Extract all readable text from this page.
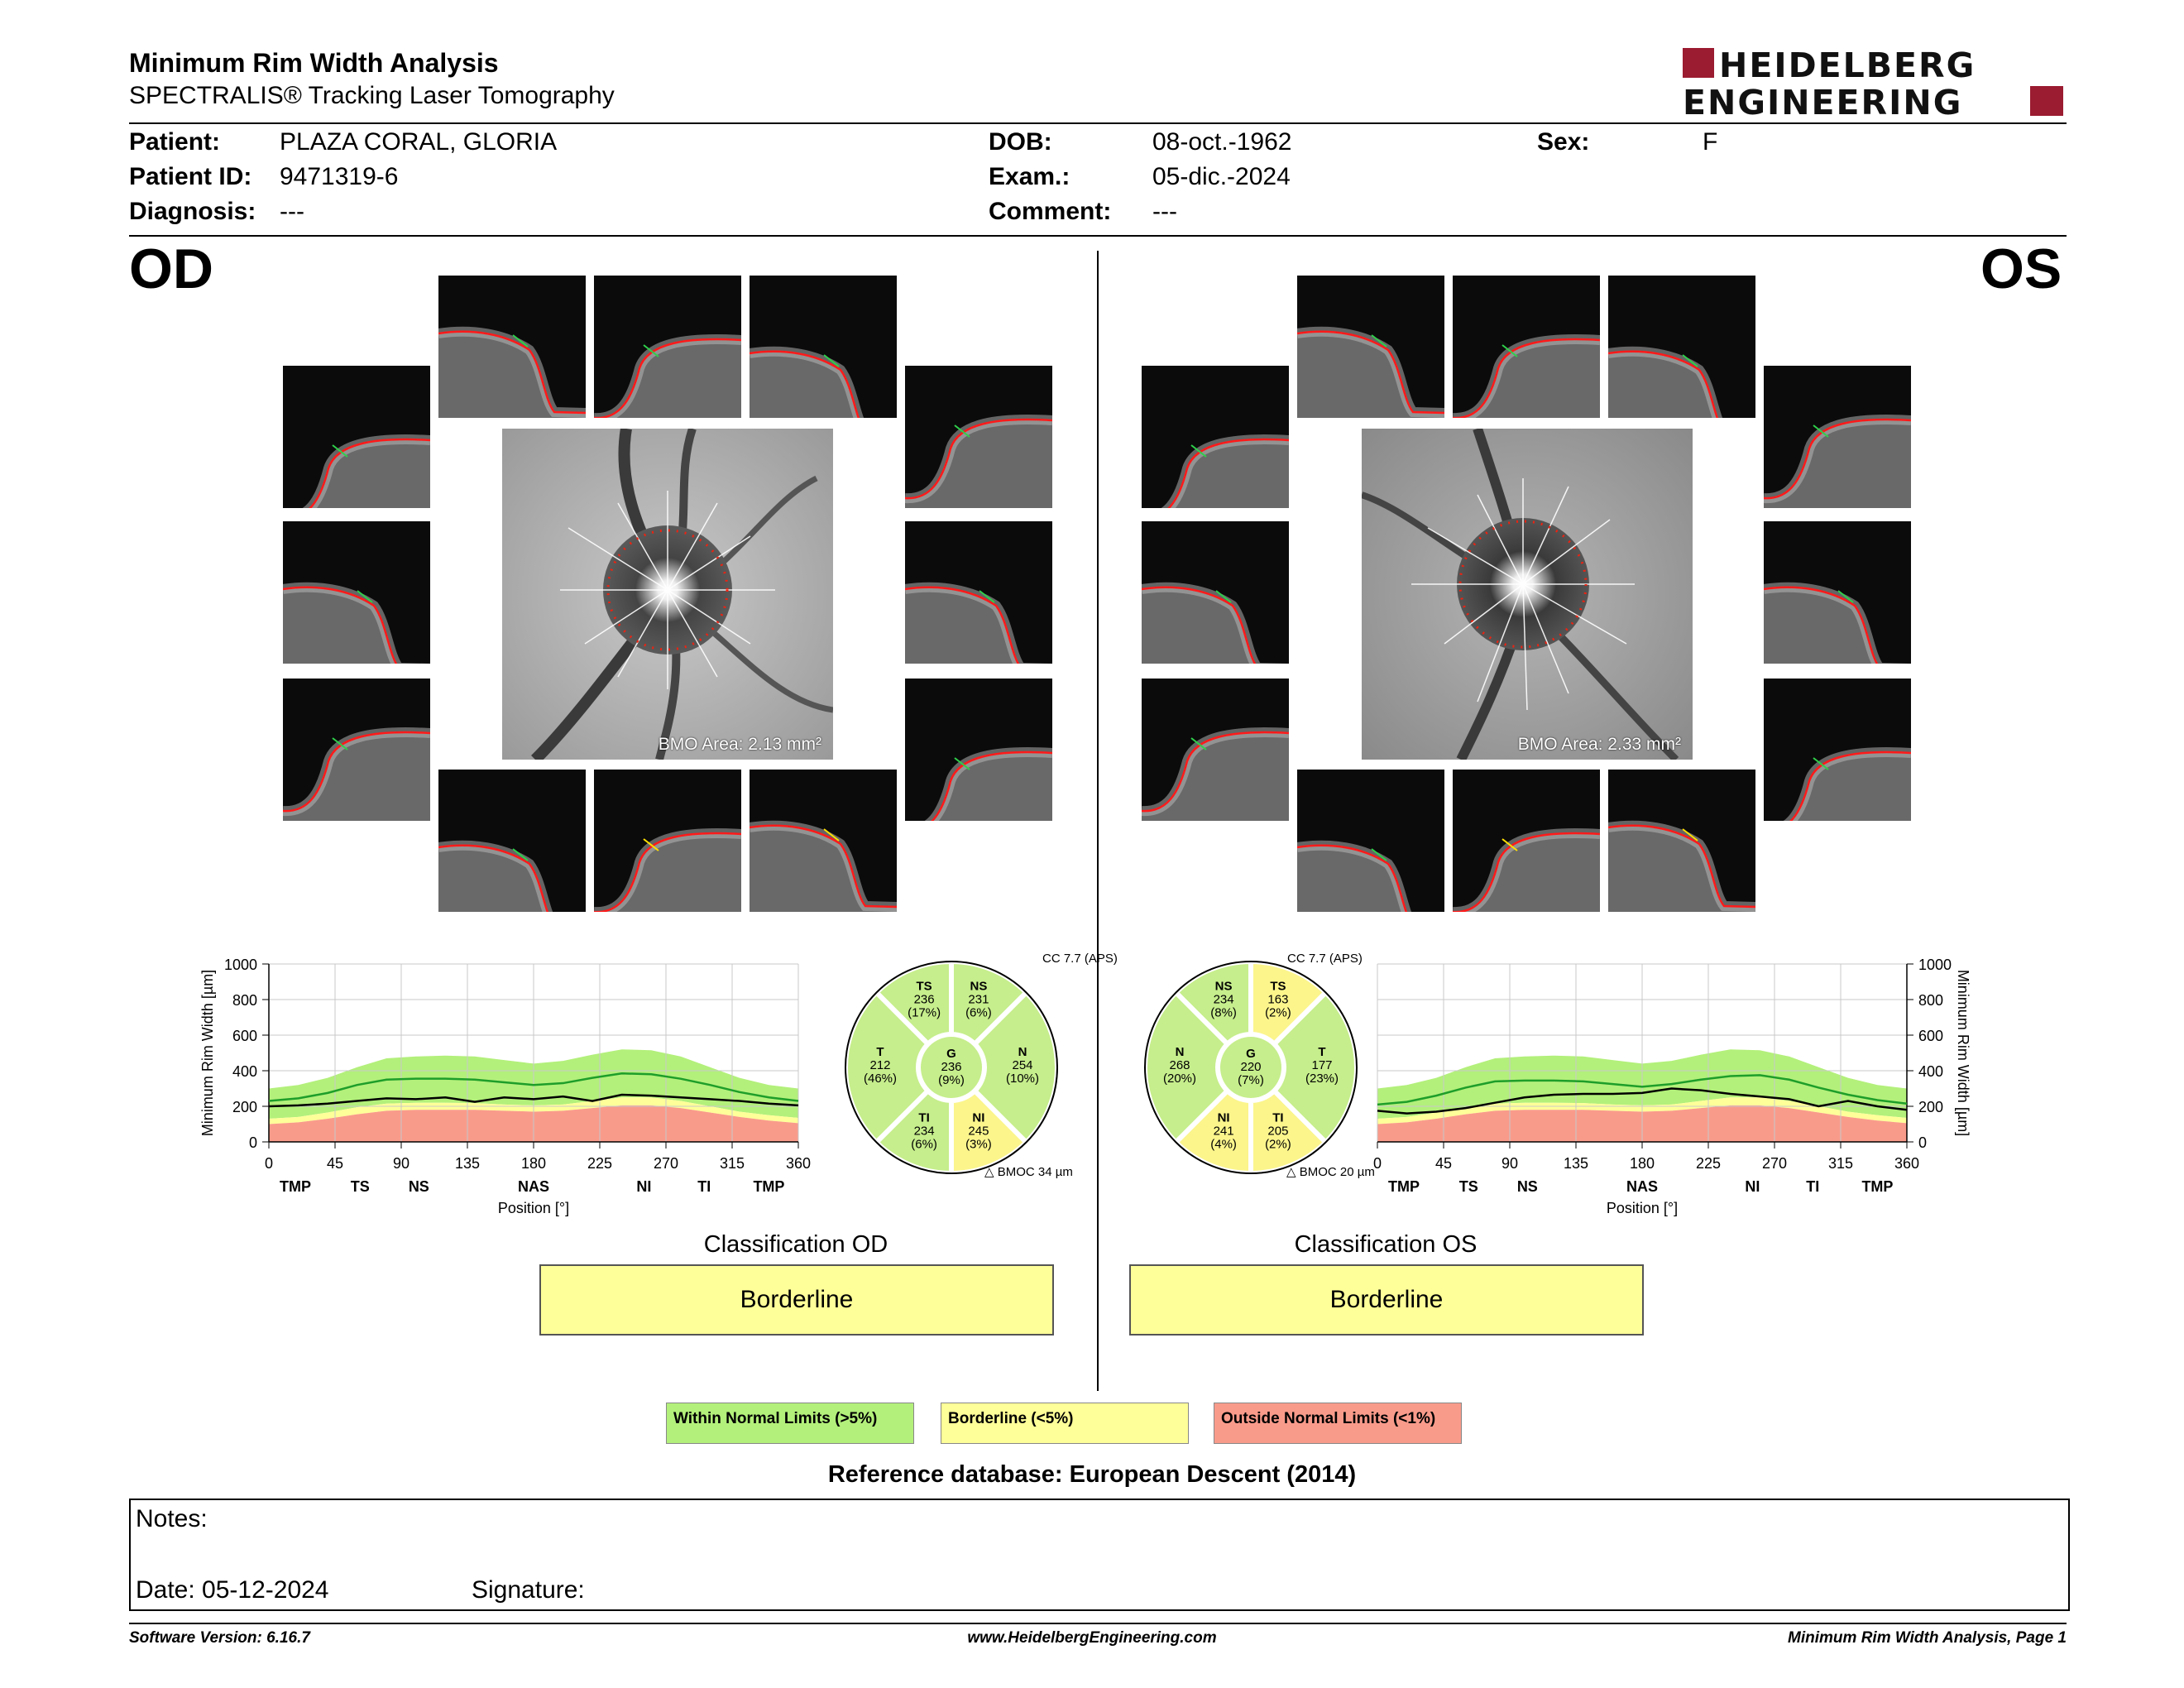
Minimum Rim Width Analysis
SPECTRALIS® Tracking Laser Tomography
HEIDELBERG
ENGINEERING
Patient: PLAZA CORAL, GLORIA
Patient ID: 9471319-6
Diagnosis: ---
DOB:	08-oct.-1962
Exam.:	05-dic.-2024
Comment: ---
Sex:	F
OD	OS
BMO Area: 2.13 mm²	BMO Area: 2.33 mm²
0
200
400
600
800
1000
0	45	90	135	180	225	270	315	360
TMP	TS	NS	NAS	NI	TI	TMP
Position [°]
Minimum Rim Width [µm]
0
200
400
600
800
1000
0	45	90	135	180	225	270	315	360
TMP	TS	NS	NAS	NI	TI	TMP
Position [°]
Minimum Rim Width [µm]
CC 7.7 (APS)
NS
231
(6%)
TS
236
(17%)
T
212
(46%)
TI
234
(6%)
NI
245
(3%)
N
254
(10%)
G
236
(9%)
△ BMOC 34 µm
CC 7.7 (APS)
TS
163
(2%)
NS
234
(8%)
N
268
(20%)
NI
241
(4%)
TI
205
(2%)
T
177
(23%)
G
220
(7%)
△ BMOC 20 µm
Classification OD
Borderline
Classification OS
Borderline
Within Normal Limits (>5%)	Borderline (<5%)	Outside Normal Limits (<1%)
Reference database: European Descent (2014)
Notes:
Date: 05-12-2024	Signature:
Software Version: 6.16.7	www.HeidelbergEngineering.com	Minimum Rim Width Analysis, Page 1
